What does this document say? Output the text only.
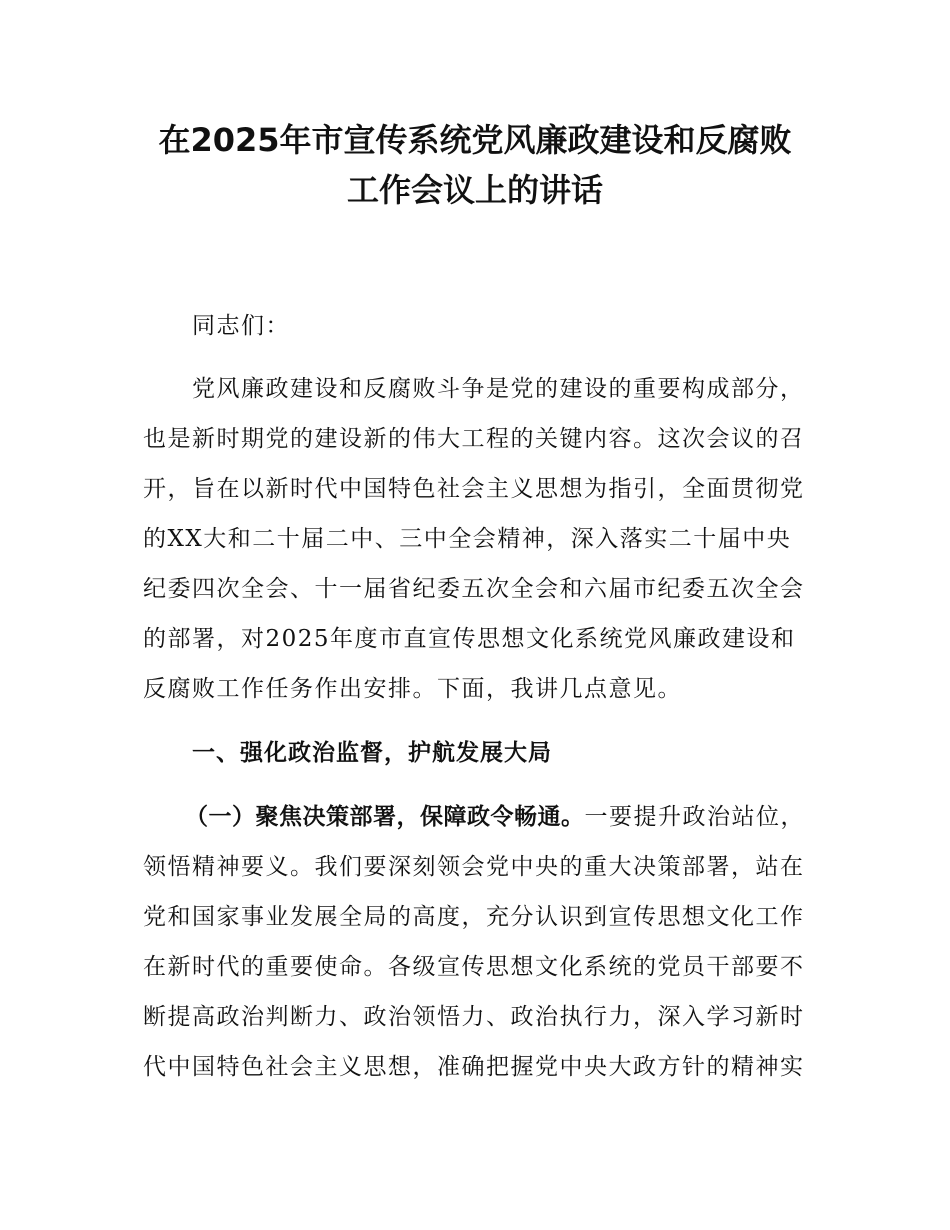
在2025年市宣传系统党风廉政建设和反腐败
工作会议上的讲话
同志们：
党风廉政建设和反腐败斗争是党的建设的重要构成部分，
也是新时期党的建设新的伟大工程的关键内容。这次会议的召
开，旨在以新时代中国特色社会主义思想为指引，全面贯彻党
的XX大和二十届二中、三中全会精神，深入落实二十届中央
纪委四次全会、十一届省纪委五次全会和六届市纪委五次全会
的部署，对2025年度市直宣传思想文化系统党风廉政建设和
反腐败工作任务作出安排。下面，我讲几点意见。
一、强化政治监督，护航发展大局
（一）聚焦决策部署，保障政令畅通。一要提升政治站位，
领悟精神要义。我们要深刻领会党中央的重大决策部署，站在
党和国家事业发展全局的高度，充分认识到宣传思想文化工作
在新时代的重要使命。各级宣传思想文化系统的党员干部要不
断提高政治判断力、政治领悟力、政治执行力，深入学习新时
代中国特色社会主义思想，准确把握党中央大政方针的精神实
